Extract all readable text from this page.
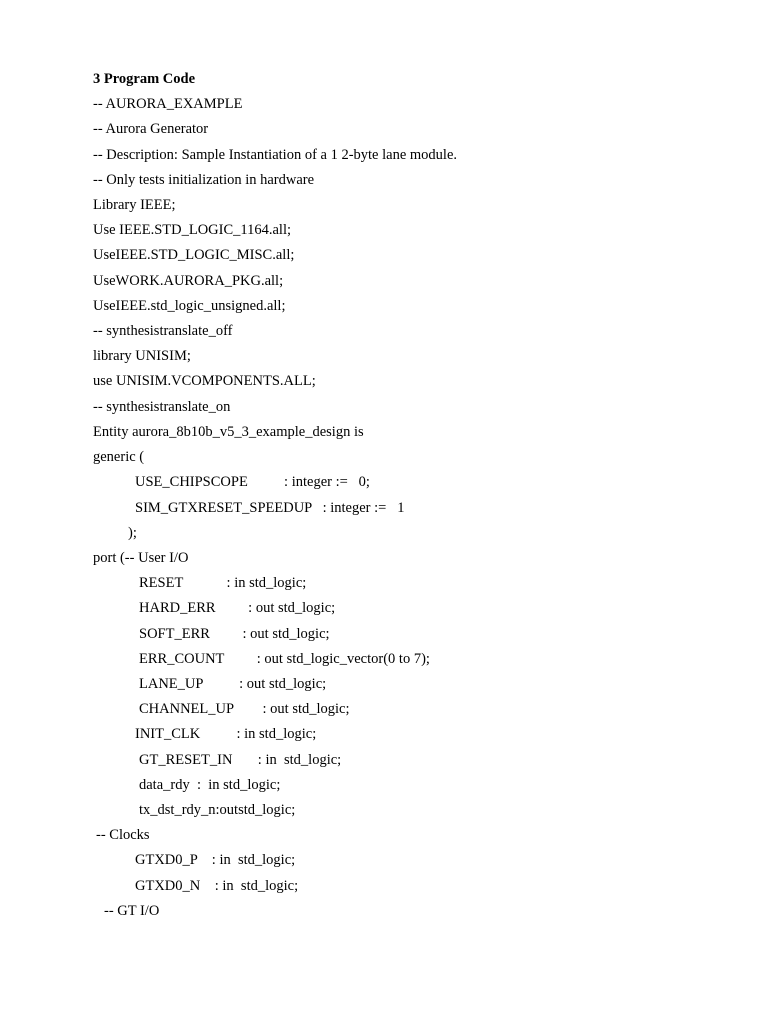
3 Program Code
-- AURORA_EXAMPLE
-- Aurora Generator
-- Description: Sample Instantiation of a 1 2-byte lane module.
-- Only tests initialization in hardware
Library IEEE;
Use IEEE.STD_LOGIC_1164.all;
UseIEEE.STD_LOGIC_MISC.all;
UseWORK.AURORA_PKG.all;
UseIEEE.std_logic_unsigned.all;
-- synthesistranslate_off
library UNISIM;
use UNISIM.VCOMPONENTS.ALL;
-- synthesistranslate_on
Entity aurora_8b10b_v5_3_example_design is
generic (
USE_CHIPSCOPE          : integer :=   0;
SIM_GTXRESET_SPEEDUP   : integer :=   1
);
port (-- User I/O
RESET            : in std_logic;
HARD_ERR         : out std_logic;
SOFT_ERR         : out std_logic;
ERR_COUNT         : out std_logic_vector(0 to 7);
LANE_UP          : out std_logic;
CHANNEL_UP        : out std_logic;
INIT_CLK          : in std_logic;
GT_RESET_IN       : in  std_logic;
data_rdy  :  in std_logic;
tx_dst_rdy_n:outstd_logic;
-- Clocks
GTXD0_P    : in  std_logic;
GTXD0_N    : in  std_logic;
-- GT I/O
